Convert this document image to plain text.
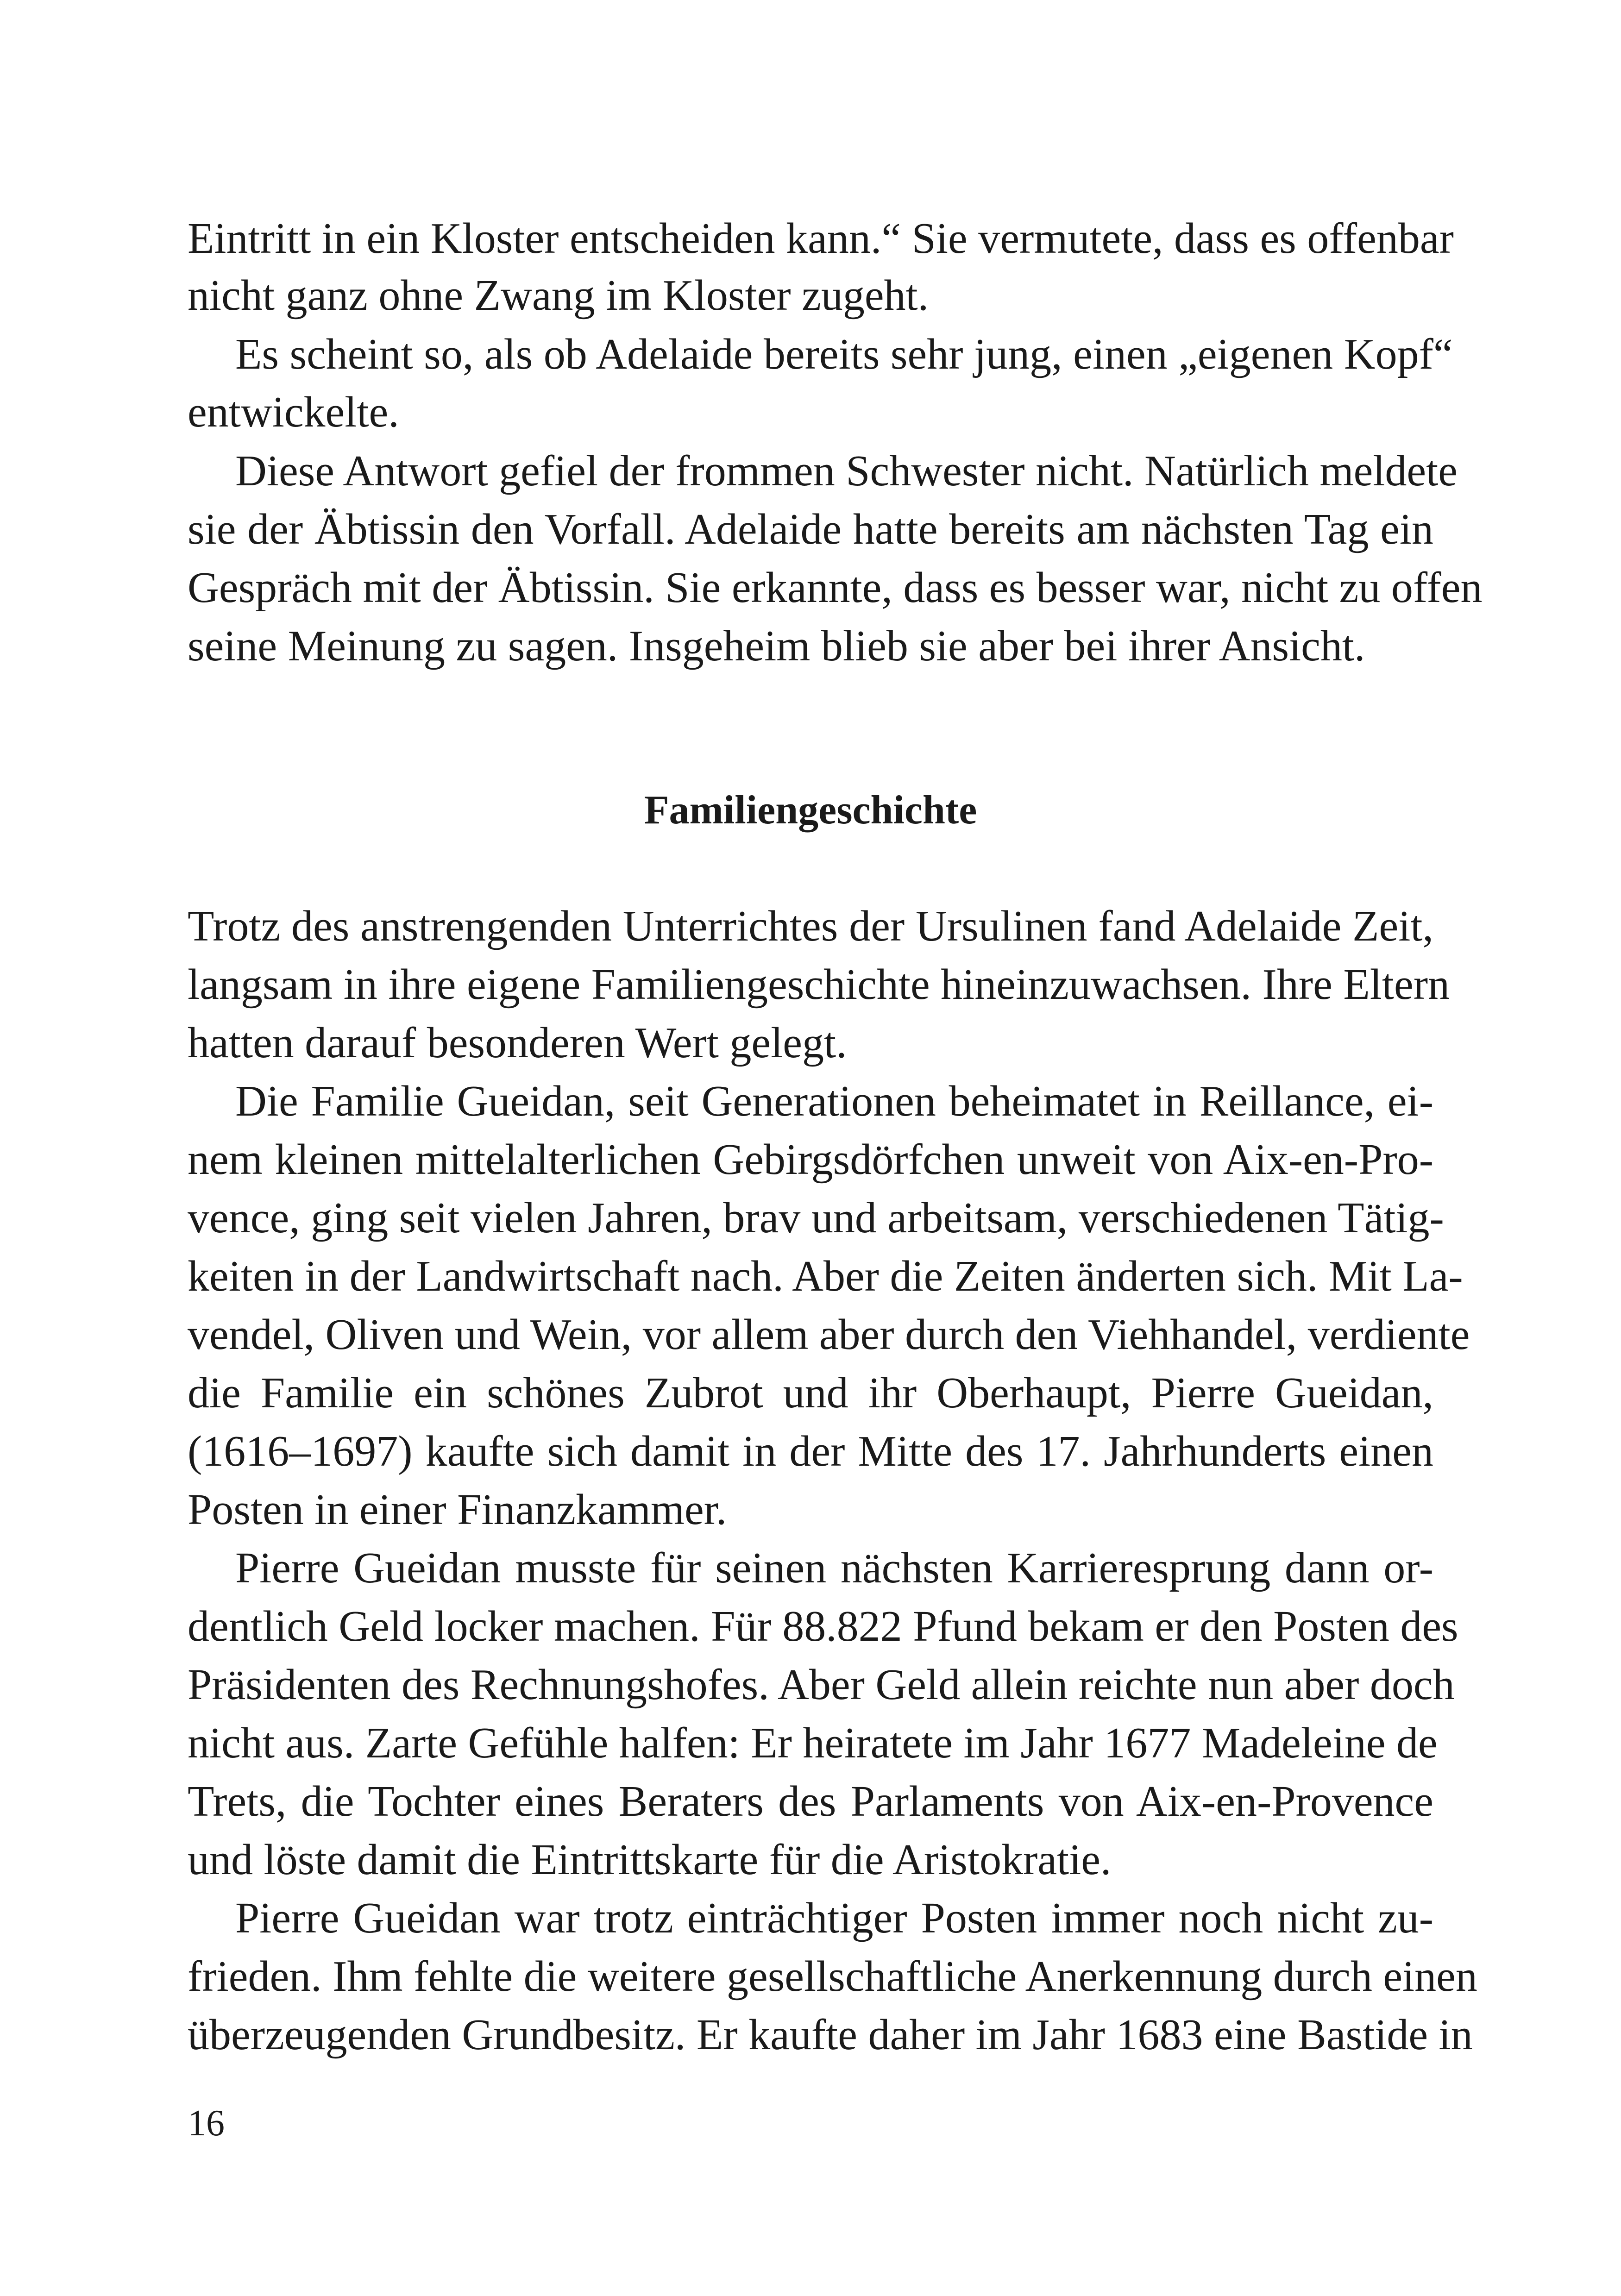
Eintritt in ein Kloster entscheiden kann.“ Sie vermutete, dass es offenbar
nicht ganz ohne Zwang im Kloster zugeht.
Es scheint so, als ob Adelaide bereits sehr jung, einen „eigenen Kopf“
entwickelte.
Diese Antwort gefiel der frommen Schwester nicht. Natürlich meldete
sie der Äbtissin den Vorfall. Adelaide hatte bereits am nächsten Tag ein
Gespräch mit der Äbtissin. Sie erkannte, dass es besser war, nicht zu offen
seine Meinung zu sagen. Insgeheim blieb sie aber bei ihrer Ansicht.
Familiengeschichte
Trotz des anstrengenden Unterrichtes der Ursulinen fand Adelaide Zeit,
langsam in ihre eigene Familiengeschichte hineinzuwachsen. Ihre Eltern
hatten darauf besonderen Wert gelegt.
Die Familie Gueidan, seit Generationen beheimatet in Reillance, ei-
nem kleinen mittelalterlichen Gebirgsdörfchen unweit von Aix-en-Pro-
vence, ging seit vielen Jahren, brav und arbeitsam, verschiedenen Tätig-
keiten in der Landwirtschaft nach. Aber die Zeiten änderten sich. Mit La-
vendel, Oliven und Wein, vor allem aber durch den Viehhandel, verdiente
die Familie ein schönes Zubrot und ihr Oberhaupt, Pierre Gueidan,
(1616–1697) kaufte sich damit in der Mitte des 17. Jahrhunderts einen
Posten in einer Finanzkammer.
Pierre Gueidan musste für seinen nächsten Karrieresprung dann or-
dentlich Geld locker machen. Für 88.822 Pfund bekam er den Posten des
Präsidenten des Rechnungshofes. Aber Geld allein reichte nun aber doch
nicht aus. Zarte Gefühle halfen: Er heiratete im Jahr 1677 Madeleine de
Trets, die Tochter eines Beraters des Parlaments von Aix-en-Provence
und löste damit die Eintrittskarte für die Aristokratie.
Pierre Gueidan war trotz einträchtiger Posten immer noch nicht zu-
frieden. Ihm fehlte die weitere gesellschaftliche Anerkennung durch einen
überzeugenden Grundbesitz. Er kaufte daher im Jahr 1683 eine Bastide in
16
